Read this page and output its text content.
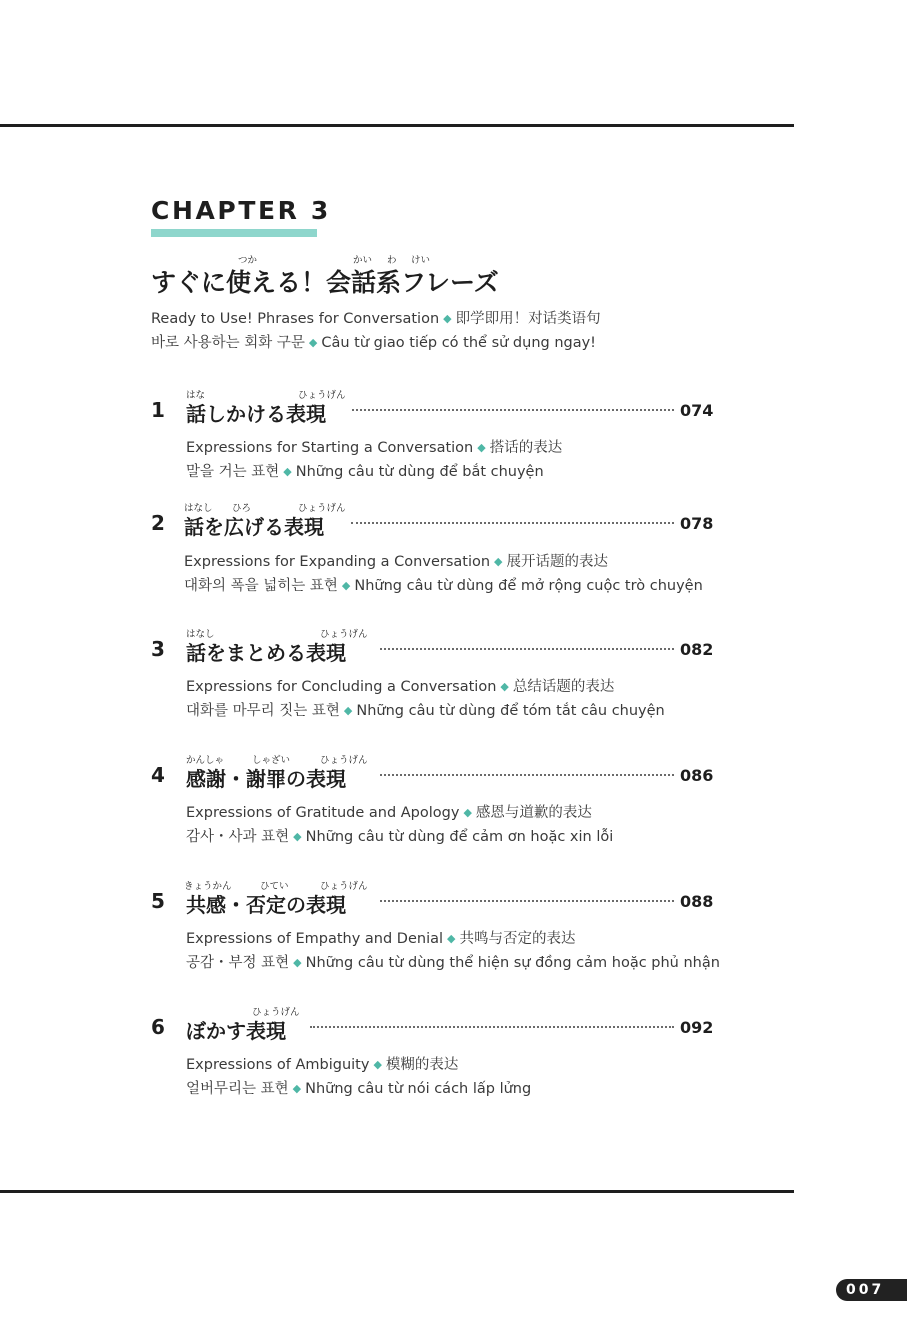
CHAPTER 3
つか	かい わ けい
すぐに使える！会話系フレーズ
Ready to Use! Phrases for Conversation ◆ 即学即用！对话类语句
바로 사용하는 회화 구문 ◆ Câu từ giao tiếp có thể sử dụng ngay!
はな	ひょうげん
1 話しかける表現	074
Expressions for Starting a Conversation ◆ 搭话的表达
말을 거는 표현 ◆ Những câu từ dùng để bắt chuyện
はなし ひろ	ひょうげん
2 話を広げる表現	078
Expressions for Expanding a Conversation ◆ 展开话题的表达
대화의 폭을 넓히는 표현 ◆ Những câu từ dùng để mở rộng cuộc trò chuyện
はなし	ひょうげん
3 話をまとめる表現	082
Expressions for Concluding a Conversation ◆ 总结话题的表达
대화를 마무리 짓는 표현 ◆ Những câu từ dùng để tóm tắt câu chuyện
かんしゃ	しゃざい	ひょうげん
4 感謝・謝罪の表現	086
Expressions of Gratitude and Apology ◆ 感恩与道歉的表达
감사・사과 표현 ◆ Những câu từ dùng để cảm ơn hoặc xin lỗi
きょうかん	ひてい	ひょうげん
5 共感・否定の表現	088
Expressions of Empathy and Denial ◆ 共鸣与否定的表达
공감・부정 표현 ◆ Những câu từ dùng thể hiện sự đồng cảm hoặc phủ nhận
ひょうげん
6 ぼかす表現	092
Expressions of Ambiguity ◆ 模糊的表达
얼버무리는 표현 ◆ Những câu từ nói cách lấp lửng
007
